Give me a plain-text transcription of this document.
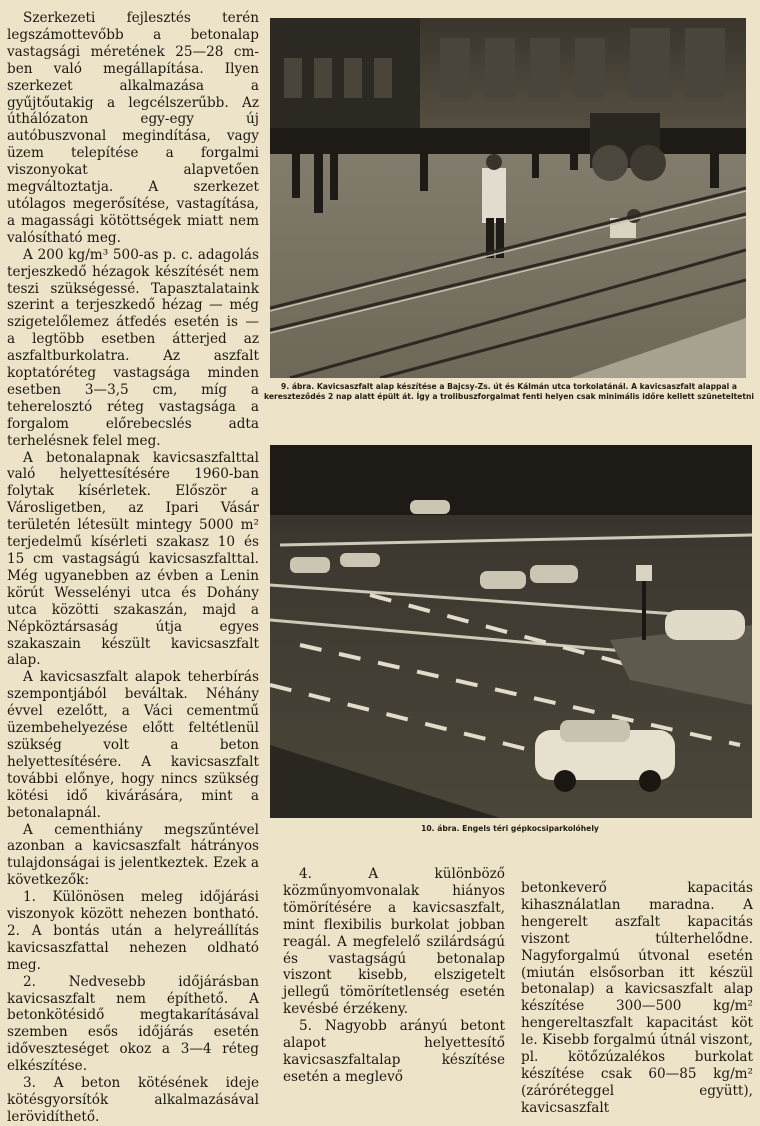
Szerkezeti fejlesztés terén legszámottevőbb a betonalap vastagsági méretének 25—28 cm-ben való megállapítása. Ilyen szerkezet alkalmazása a gyűjtőutakig a legcélszerűbb. Az úthálózaton egy-egy új autóbuszvonal megindítása, vagy üzem telepítése a forgalmi viszonyokat alapvetően megváltoztatja. A szerkezet utólagos megerősítése, vastagítása, a magassági kötöttségek miatt nem valósítható meg.

A 200 kg/m³ 500-as p. c. adagolás terjeszkedő hézagok készítését nem teszi szükségessé. Tapasztalataink szerint a terjeszkedő hézag — még szigetelőlemez átfedés esetén is — a legtöbb esetben átterjed az aszfaltburkolatra. Az aszfalt koptatóréteg vastagsága minden esetben 3—3,5 cm, míg a teherelosztó réteg vastagsága a forgalom előrebecslés adta terhelésnek felel meg.

A betonalapnak kavicsaszfalttal való helyettesítésére 1960-ban folytak kísérletek. Először a Városligetben, az Ipari Vásár területén létesült mintegy 5000 m² terjedelmű kísérleti szakasz 10 és 15 cm vastagságú kavicsaszfalttal. Még ugyanebben az évben a Lenin körút Wesselényi utca és Dohány utca közötti szakaszán, majd a Népköztársaság útja egyes szakaszain készült kavicsaszfalt alap.

A kavicsaszfalt alapok teherbírás szempontjából beváltak. Néhány évvel ezelőtt, a Váci cementmű üzembehelyezése előtt feltétlenül szükség volt a beton helyettesítésére. A kavicsaszfalt további előnye, hogy nincs szükség kötési idő kivárására, mint a betonalapnál.

A cementhiány megszűntével azonban a kavicsaszfalt hátrányos tulajdonságai is jelentkeztek. Ezek a következők:

1. Különösen meleg időjárási viszonyok között nehezen bontható. 2. A bontás után a helyreállítás kavicsaszfattal nehezen oldható meg.

2. Nedvesebb időjárásban kavicsaszfalt nem építhető. A betonkötésidő megtakarításával szemben esős időjárás esetén időveszteséget okoz a 3—4 réteg elkészítése.

3. A beton kötésének ideje kötésgyorsítók alkalmazásával lerövidíthető.

9. ábra. Kavicsaszfalt alap készítése a Bajcsy-Zs. út és Kálmán utca torkolatánál. A kavicsaszfalt alappal a kereszteződés 2 nap alatt épült át. Így a trolibuszforgalmat fenti helyen csak minimális időre kellett szüneteltetni
10. ábra. Engels téri gépkocsiparkolóhely

4. A különböző közműnyomvonalak hiányos tömörítésére a kavicsaszfalt, mint flexibilis burkolat jobban reagál. A megfelelő szilárdságú és vastagságú betonalap viszont kisebb, elszigetelt jellegű tömörítetlenség esetén kevésbé érzékeny.

5. Nagyobb arányú betont alapot helyettesítő kavicsaszfaltalap készítése esetén a meglevő

betonkeverő kapacitás kihasználatlan maradna. A hengerelt aszfalt kapacitás viszont túlterhelődne. Nagyforgalmú útvonal esetén (miután elsősorban itt készül betonalap) a kavicsaszfalt alap készítése 300—500 kg/m² hengereltaszfalt kapacitást köt le. Kisebb forgalmú útnál viszont, pl. kötőzúzalékos burkolat készítése csak 60—85 kg/m² (záróréteggel együtt), kavicsaszfalt
